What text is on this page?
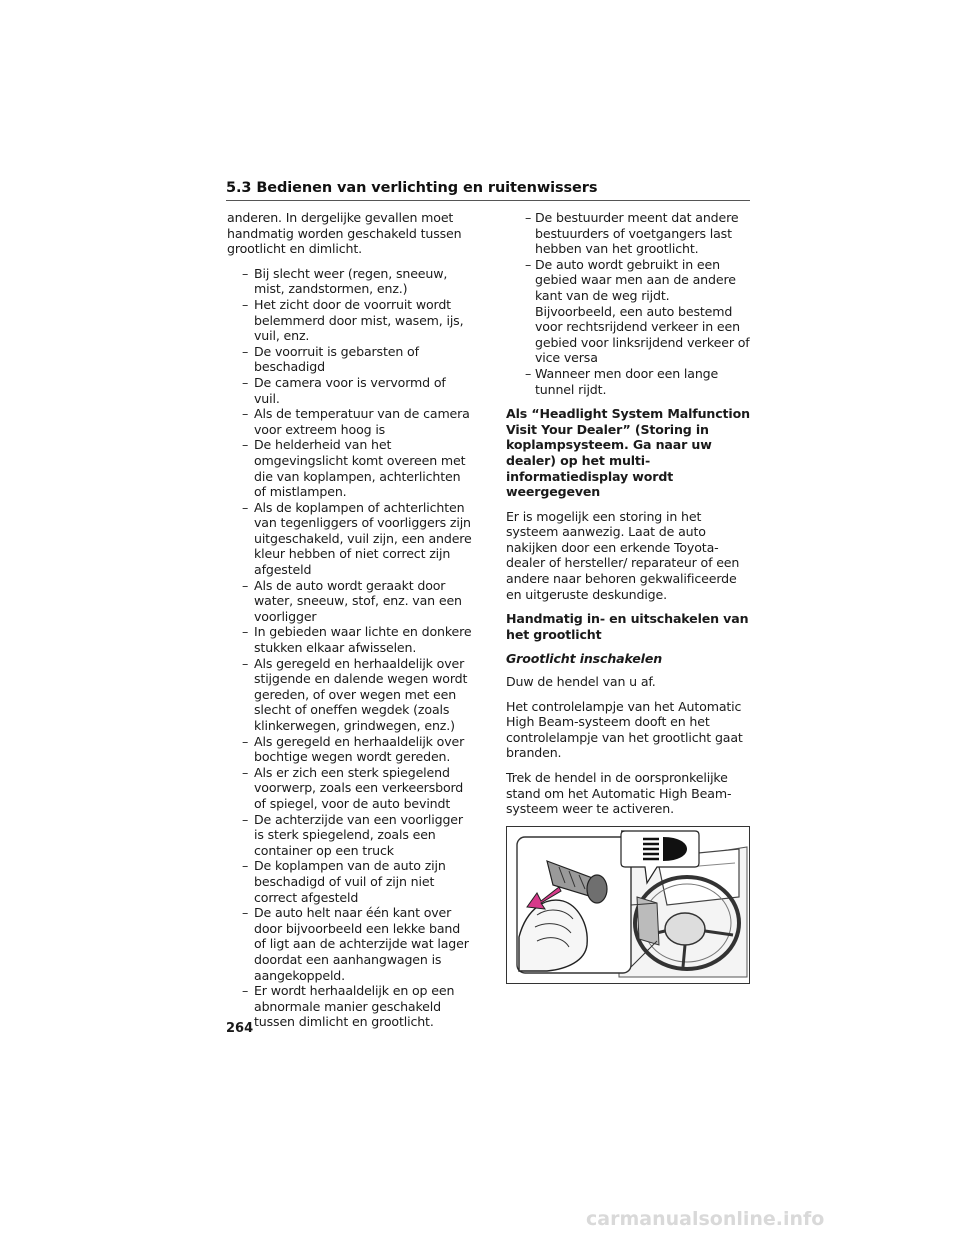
5.3 Bedienen van verlichting en ruitenwissers

anderen. In dergelijke gevallen moet handmatig worden geschakeld tussen grootlicht en dimlicht.

– Bij slecht weer (regen, sneeuw, mist, zandstormen, enz.)
– Het zicht door de voorruit wordt belemmerd door mist, wasem, ijs, vuil, enz.
– De voorruit is gebarsten of beschadigd
– De camera voor is vervormd of vuil.
– Als de temperatuur van de camera voor extreem hoog is
– De helderheid van het omgevingslicht komt overeen met die van koplampen, achterlichten of mistlampen.
– Als de koplampen of achterlichten van tegenliggers of voorliggers zijn uitgeschakeld, vuil zijn, een andere kleur hebben of niet correct zijn afgesteld
– Als de auto wordt geraakt door water, sneeuw, stof, enz. van een voorligger
– In gebieden waar lichte en donkere stukken elkaar afwisselen.
– Als geregeld en herhaaldelijk over stijgende en dalende wegen wordt gereden, of over wegen met een slecht of oneffen wegdek (zoals klinkerwegen, grindwegen, enz.)
– Als geregeld en herhaaldelijk over bochtige wegen wordt gereden.
– Als er zich een sterk spiegelend voorwerp, zoals een verkeersbord of spiegel, voor de auto bevindt
– De achterzijde van een voorligger is sterk spiegelend, zoals een container op een truck
– De koplampen van de auto zijn beschadigd of vuil of zijn niet correct afgesteld
– De auto helt naar één kant over door bijvoorbeeld een lekke band of ligt aan de achterzijde wat lager doordat een aanhangwagen is aangekoppeld.
– Er wordt herhaaldelijk en op een abnormale manier geschakeld tussen dimlicht en grootlicht.
– De bestuurder meent dat andere bestuurders of voetgangers last hebben van het grootlicht.
– De auto wordt gebruikt in een gebied waar men aan de andere kant van de weg rijdt. Bijvoorbeeld, een auto bestemd voor rechtsrijdend verkeer in een gebied voor linksrijdend verkeer of vice versa
– Wanneer men door een lange tunnel rijdt.
Als “Headlight System Malfunction Visit Your Dealer” (Storing in koplampsysteem. Ga naar uw dealer) op het multi-informatiedisplay wordt weergegeven

Er is mogelijk een storing in het systeem aanwezig. Laat de auto nakijken door een erkende Toyota-dealer of hersteller/ reparateur of een andere naar behoren gekwalificeerde en uitgeruste deskundige.

Handmatig in- en uitschakelen van het grootlicht
Grootlicht inschakelen

Duw de hendel van u af.

Het controlelampje van het Automatic High Beam-systeem dooft en het controlelampje van het grootlicht gaat branden.

Trek de hendel in de oorspronkelijke stand om het Automatic High Beam-systeem weer te activeren.

264
carmanualsonline.info
